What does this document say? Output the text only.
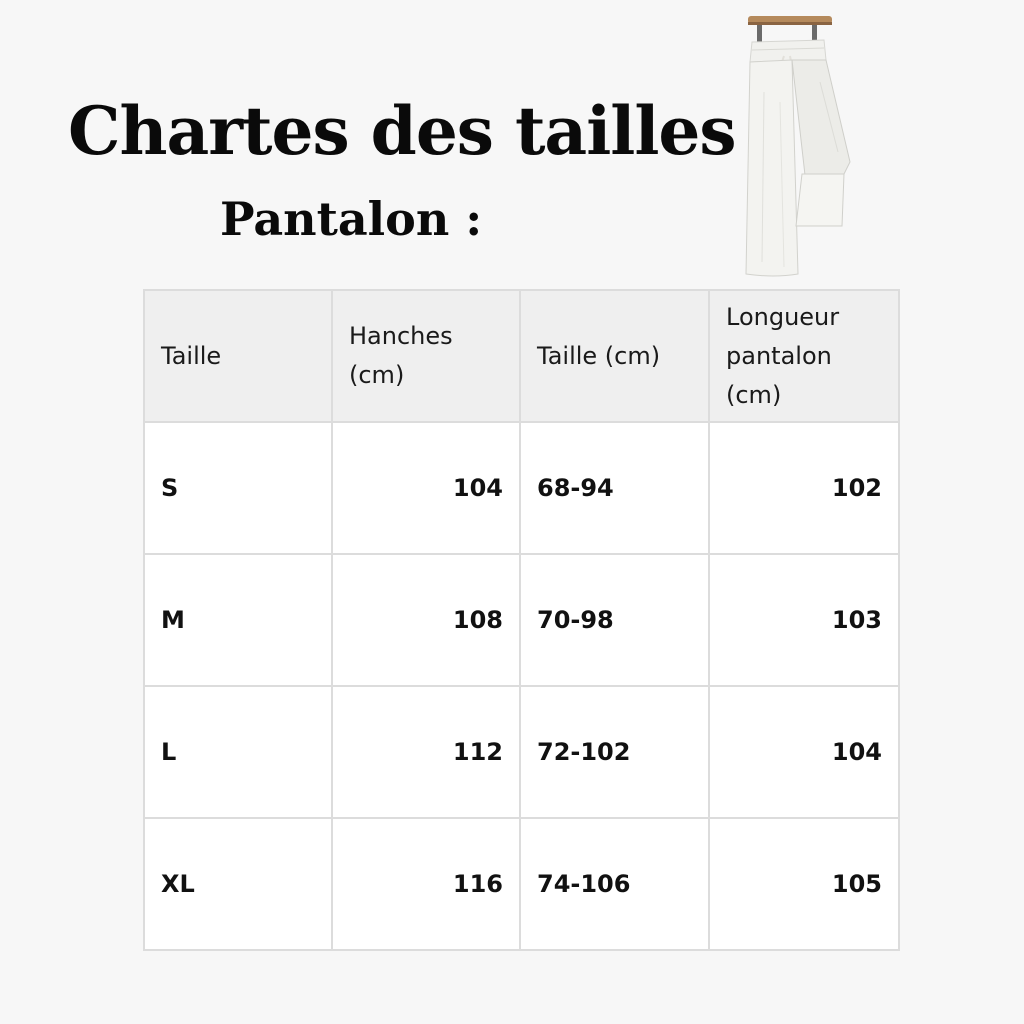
Chartes des tailles
Pantalon :
Taille	Hanches (cm)	Taille (cm)	Longueur pantalon (cm)
S	104	68-94	102
M	108	70-98	103
L	112	72-102	104
XL	116	74-106	105
